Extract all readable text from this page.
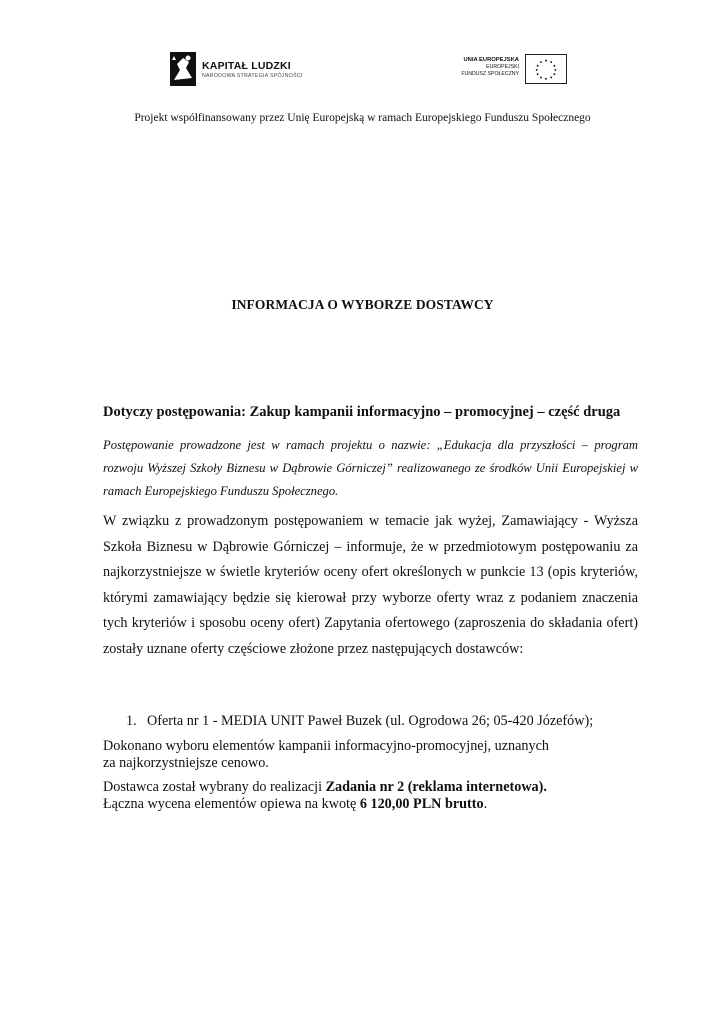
KAPITAŁ LUDZKI
NARODOWA STRATEGIA SPÓJNOŚCI
UNIA EUROPEJSKA
EUROPEJSKI
FUNDUSZ SPOŁECZNY
Projekt współfinansowany przez Unię Europejską w ramach Europejskiego Funduszu Społecznego
INFORMACJA O WYBORZE DOSTAWCY
Dotyczy postępowania: Zakup kampanii informacyjno – promocyjnej – część druga
Postępowanie prowadzone jest w ramach projektu o nazwie: „Edukacja dla przyszłości – program rozwoju Wyższej Szkoły Biznesu w Dąbrowie Górniczej” realizowanego ze środków Unii Europejskiej w ramach Europejskiego Funduszu Społecznego.
W związku z prowadzonym postępowaniem w temacie jak wyżej, Zamawiający - Wyższa Szkoła Biznesu w Dąbrowie Górniczej – informuje, że w przedmiotowym postępowaniu za najkorzystniejsze w świetle kryteriów oceny ofert określonych w punkcie 13 (opis kryteriów, którymi zamawiający będzie się kierował przy wyborze oferty wraz z podaniem znaczenia tych kryteriów i sposobu oceny ofert) Zapytania ofertowego (zaproszenia do składania ofert) zostały uznane oferty częściowe złożone przez następujących dostawców:
1. Oferta nr 1 - MEDIA UNIT Paweł Buzek (ul. Ogrodowa 26; 05-420 Józefów);
Dokonano wyboru elementów kampanii informacyjno-promocyjnej, uznanych
za najkorzystniejsze cenowo.
Dostawca został wybrany do realizacji Zadania nr 2 (reklama internetowa).
Łączna wycena elementów opiewa na kwotę 6 120,00 PLN brutto.
